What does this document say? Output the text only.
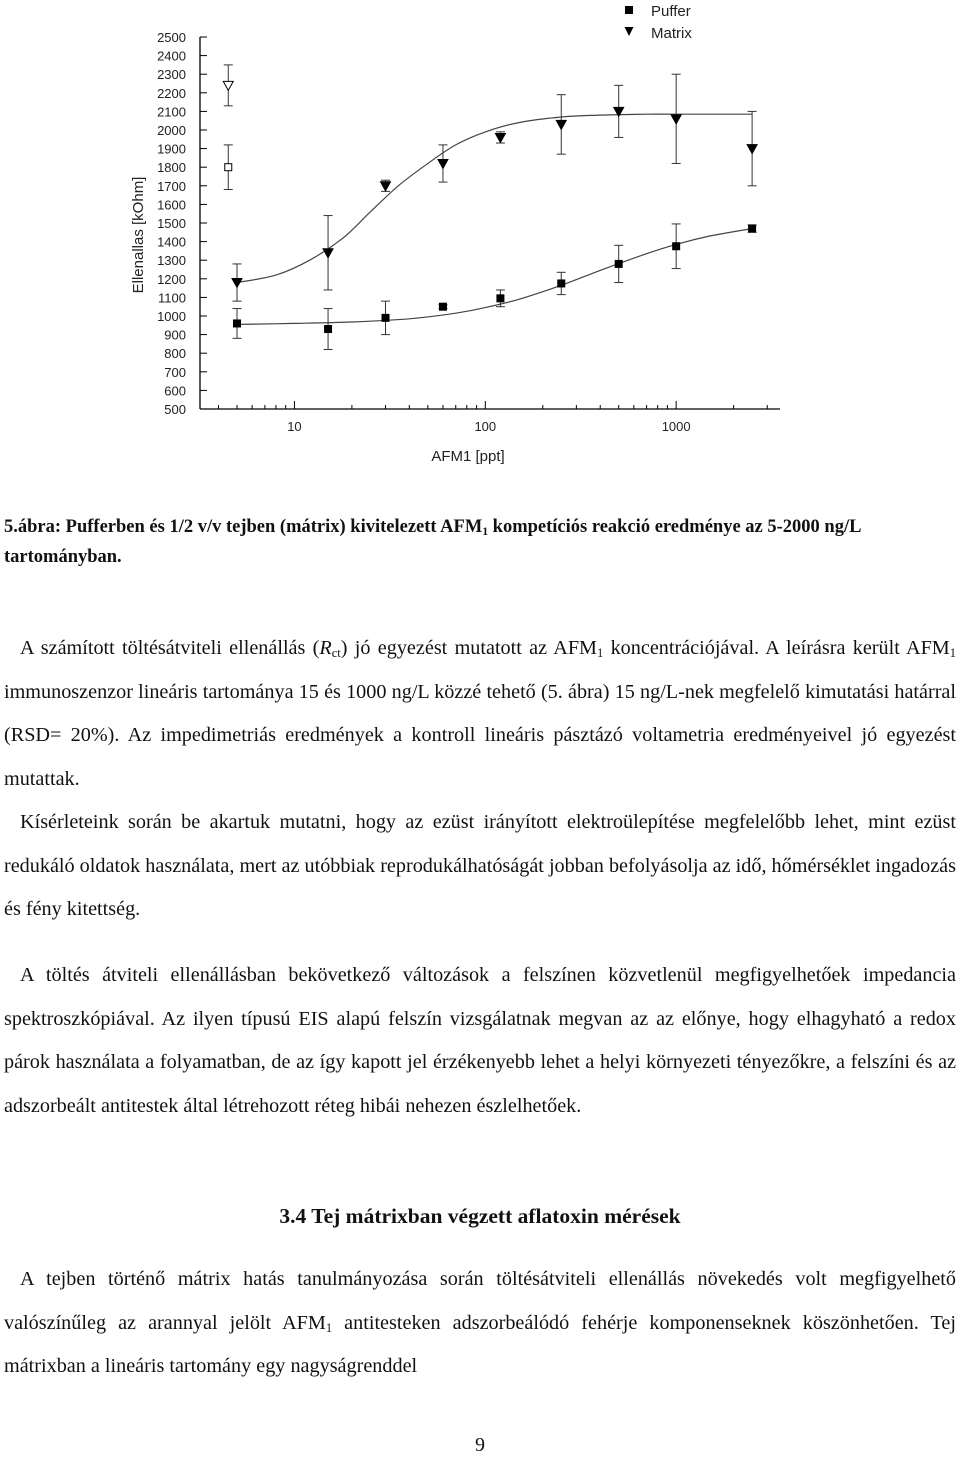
500
600
700
800
900
1000
1100
1200
1300
1400
1500
1600
1700
1800
1900
2000
2100
2200
2300
2400
2500
10	100	1000
Puffer
Matrix
Ellenallas [kOhm]
AFM1 [ppt]

5.ábra: Pufferben és 1/2 v/v tejben (mátrix) kivitelezett $AFM_1$ kompetíciós reakció eredménye az 5-2000 ng/L tartományban.

A számított töltésátviteli ellenállás $(R_{ct})$ jó egyezést mutatott az $AFM_1$ koncentrációjával. A leírásra került $AFM_1$ immunoszenzor lineáris tartománya 15 és 1000 ng/L közzé tehető (5. ábra) 15 ng/L-nek megfelelő kimutatási határral (RSD= 20%). Az impedimetriás eredmények a kontroll lineáris pásztázó voltametria eredményeivel jó egyezést mutattak.

Kísérleteink során be akartuk mutatni, hogy az ezüst irányított elektroülepítése megfelelőbb lehet, mint ezüst redukáló oldatok használata, mert az utóbbiak reprodukálhatóságát jobban befolyásolja az idő, hőmérséklet ingadozás és fény kitettség.

A töltés átviteli ellenállásban bekövetkező változások a felszínen közvetlenül megfigyelhetőek impedancia spektroszkópiával. Az ilyen típusú EIS alapú felszín vizsgálatnak megvan az az előnye, hogy elhagyható a redox párok használata a folyamatban, de az így kapott jel érzékenyebb lehet a helyi környezeti tényezőkre, a felszíni és az adszorbeált antitestek által létrehozott réteg hibái nehezen észlelhetőek.

3.4 Tej mátrixban végzett aflatoxin mérések

A tejben történő mátrix hatás tanulmányozása során töltésátviteli ellenállás növekedés volt megfigyelhető valószínűleg az arannyal jelölt $AFM_1$ antitesteken adszorbeálódó fehérje komponenseknek köszönhetően. Tej mátrixban a lineáris tartomány egy nagyságrenddel

9
